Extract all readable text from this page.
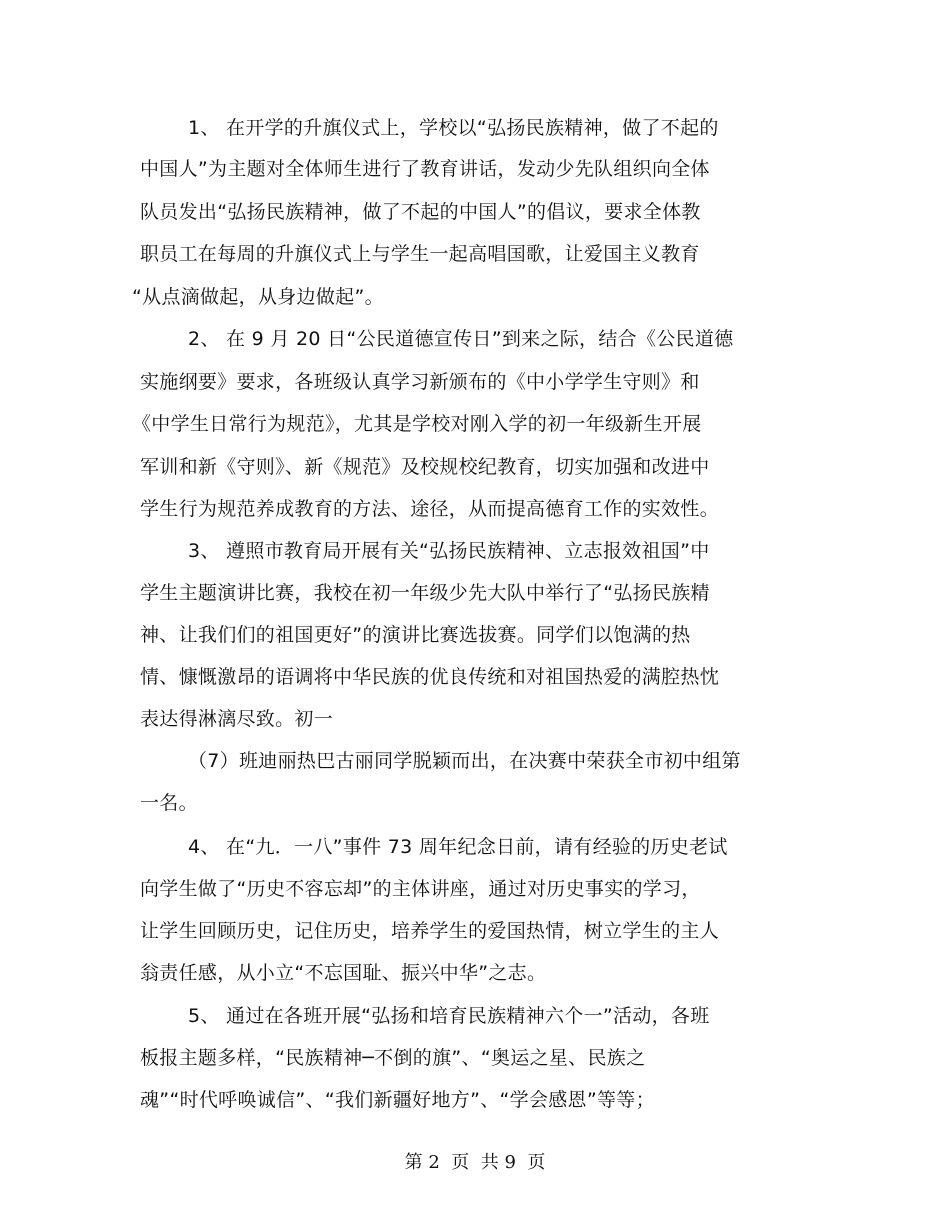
1、 在开学的升旗仪式上，学校以“弘扬民族精神，做了不起的
中国人”为主题对全体师生进行了教育讲话，发动少先队组织向全体
队员发出“弘扬民族精神，做了不起的中国人”的倡议，要求全体教
职员工在每周的升旗仪式上与学生一起高唱国歌，让爱国主义教育
“从点滴做起，从身边做起”。
2、 在 9 月 20 日“公民道德宣传日”到来之际，结合《公民道德
实施纲要》要求，各班级认真学习新颁布的《中小学学生守则》和
《中学生日常行为规范》，尤其是学校对刚入学的初一年级新生开展
军训和新《守则》、新《规范》及校规校纪教育，切实加强和改进中
学生行为规范养成教育的方法、途径，从而提高德育工作的实效性。
3、 遵照市教育局开展有关“弘扬民族精神、立志报效祖国”中
学生主题演讲比赛，我校在初一年级少先大队中举行了“弘扬民族精
神、让我们们的祖国更好”的演讲比赛选拔赛。同学们以饱满的热
情、慷慨激昂的语调将中华民族的优良传统和对祖国热爱的满腔热忱
表达得淋漓尽致。初一
（7）班迪丽热巴古丽同学脱颖而出，在决赛中荣获全市初中组第
一名。
4、 在“九．一八”事件 73 周年纪念日前，请有经验的历史老试
向学生做了“历史不容忘却”的主体讲座，通过对历史事实的学习，
让学生回顾历史，记住历史，培养学生的爱国热情，树立学生的主人
翁责任感，从小立“不忘国耻、振兴中华”之志。
5、 通过在各班开展“弘扬和培育民族精神六个一”活动，各班
板报主题多样，“民族精神─不倒的旗”、“奥运之星、民族之
魂”“时代呼唤诚信”、“我们新疆好地方”、“学会感恩”等等；
第 2  页  共 9  页
